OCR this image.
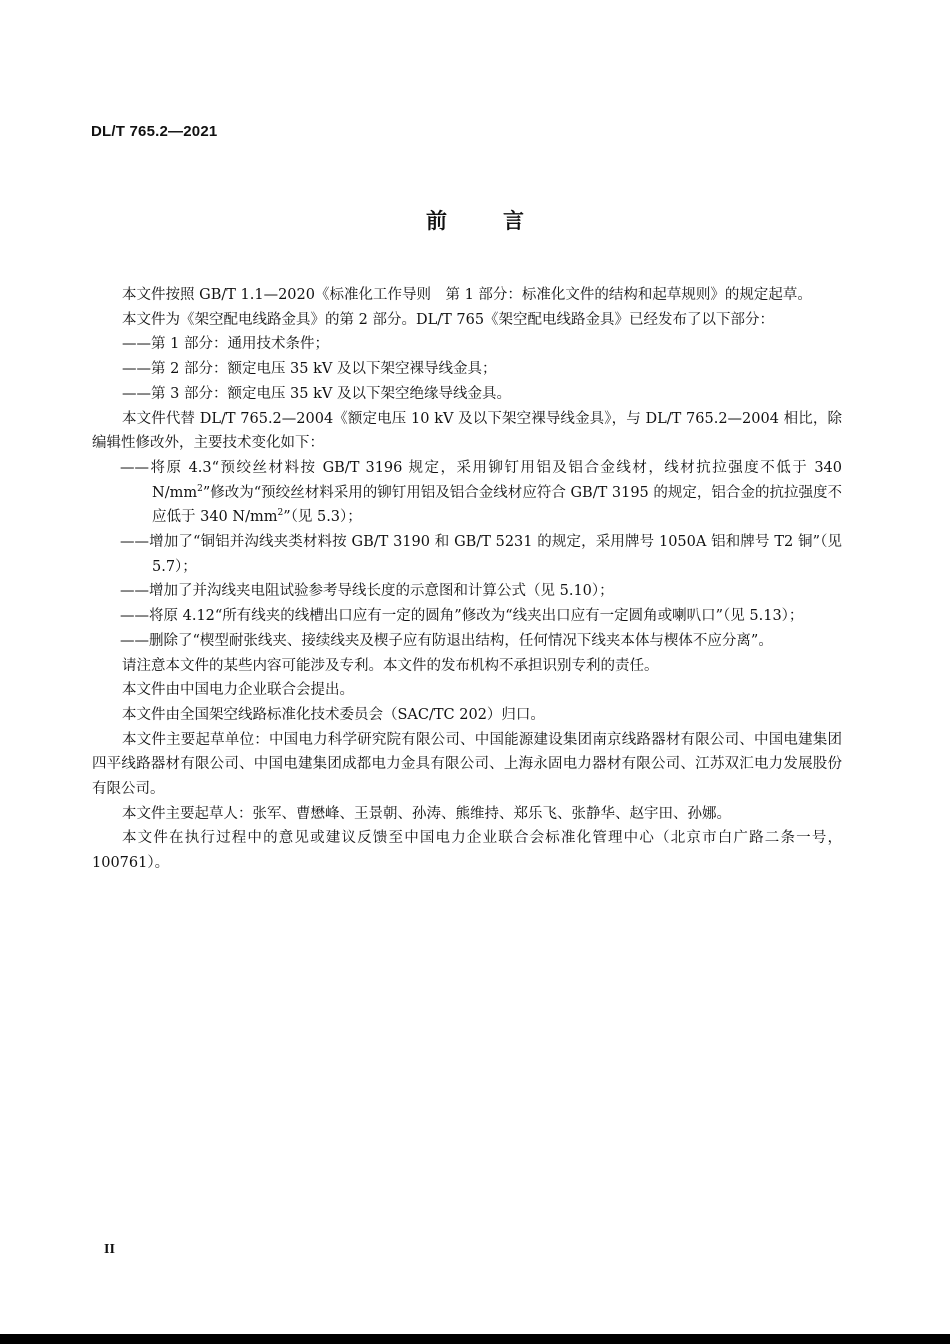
DL/T 765.2—2021
前	言

本文件按照 GB/T 1.1—2020《标准化工作导则　第 1 部分：标准化文件的结构和起草规则》的规定起草。

本文件为《架空配电线路金具》的第 2 部分。DL/T 765《架空配电线路金具》已经发布了以下部分：

——第 1 部分：通用技术条件；

——第 2 部分：额定电压 35 kV 及以下架空裸导线金具；

——第 3 部分：额定电压 35 kV 及以下架空绝缘导线金具。

本文件代替 DL/T 765.2—2004《额定电压 10 kV 及以下架空裸导线金具》，与 DL/T 765.2—2004 相比，除编辑性修改外，主要技术变化如下：

——将原 4.3“预绞丝材料按 GB/T 3196 规定，采用铆钉用铝及铝合金线材，线材抗拉强度不低于 340 $N/mm^2$”修改为“预绞丝材料采用的铆钉用铝及铝合金线材应符合 GB/T 3195 的规定，铝合金的抗拉强度不应低于 340 $N/mm^2$”（见 5.3）；

——增加了“铜铝并沟线夹类材料按 GB/T 3190 和 GB/T 5231 的规定，采用牌号 1050A 铝和牌号 T2 铜”（见 5.7）；

——增加了并沟线夹电阻试验参考导线长度的示意图和计算公式（见 5.10）；

——将原 4.12“所有线夹的线槽出口应有一定的圆角”修改为“线夹出口应有一定圆角或喇叭口”（见 5.13）；

——删除了“楔型耐张线夹、接续线夹及楔子应有防退出结构，任何情况下线夹本体与楔体不应分离”。

请注意本文件的某些内容可能涉及专利。本文件的发布机构不承担识别专利的责任。

本文件由中国电力企业联合会提出。

本文件由全国架空线路标准化技术委员会（SAC/TC 202）归口。

本文件主要起草单位：中国电力科学研究院有限公司、中国能源建设集团南京线路器材有限公司、中国电建集团四平线路器材有限公司、中国电建集团成都电力金具有限公司、上海永固电力器材有限公司、江苏双汇电力发展股份有限公司。

本文件主要起草人：张军、曹懋峰、王景朝、孙涛、熊维持、郑乐飞、张静华、赵宇田、孙娜。

本文件在执行过程中的意见或建议反馈至中国电力企业联合会标准化管理中心（北京市白广路二条一号，100761）。

II
